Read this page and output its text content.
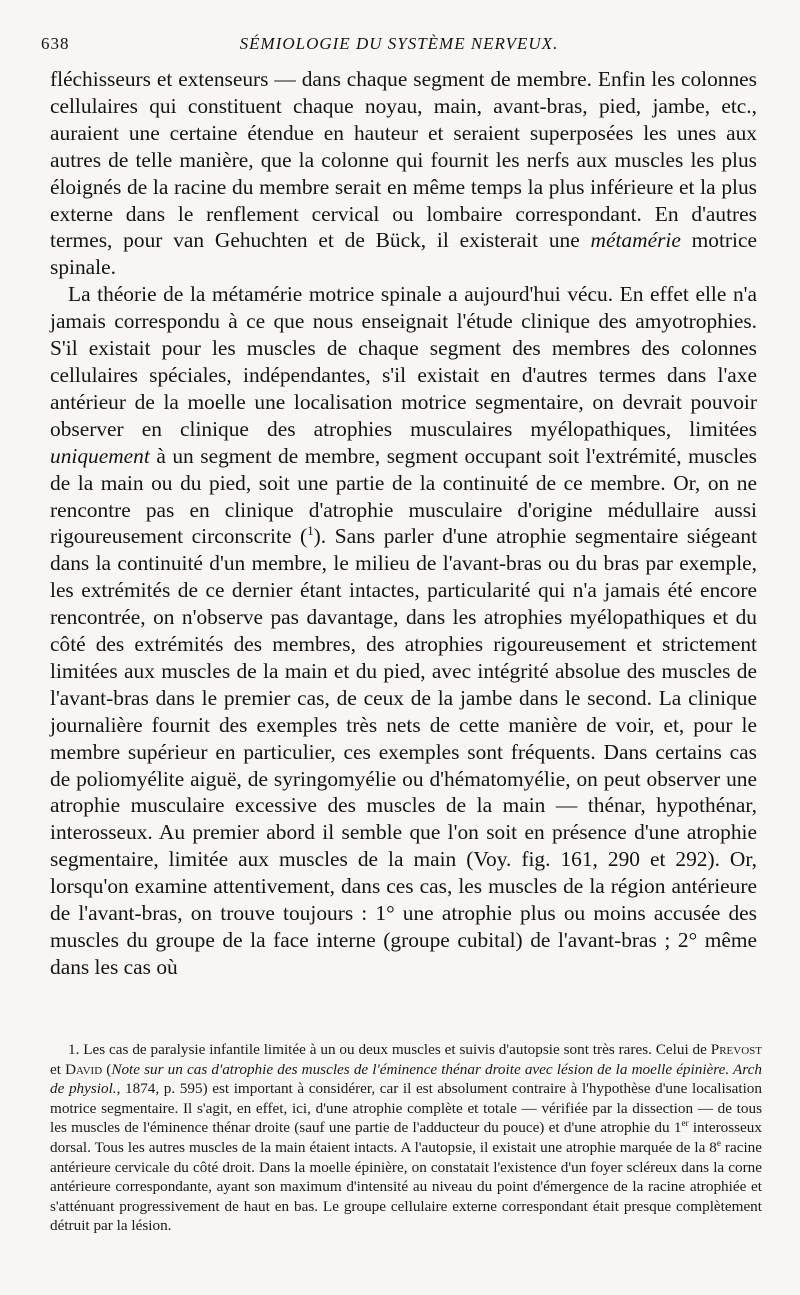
638	SÉMIOLOGIE DU SYSTÈME NERVEUX.

fléchisseurs et extenseurs — dans chaque segment de membre. Enfin les colonnes cellulaires qui constituent chaque noyau, main, avant-bras, pied, jambe, etc., auraient une certaine étendue en hauteur et seraient superposées les unes aux autres de telle manière, que la colonne qui fournit les nerfs aux muscles les plus éloignés de la racine du membre serait en même temps la plus inférieure et la plus externe dans le renflement cervical ou lombaire correspondant. En d'autres termes, pour van Gehuchten et de Bück, il existerait une métamérie motrice spinale.

La théorie de la métamérie motrice spinale a aujourd'hui vécu. En effet elle n'a jamais correspondu à ce que nous enseignait l'étude clinique des amyotrophies. S'il existait pour les muscles de chaque segment des membres des colonnes cellulaires spéciales, indépendantes, s'il existait en d'autres termes dans l'axe antérieur de la moelle une localisation motrice segmentaire, on devrait pouvoir observer en clinique des atrophies musculaires myélopathiques, limitées uniquement à un segment de membre, segment occupant soit l'extrémité, muscles de la main ou du pied, soit une partie de la continuité de ce membre. Or, on ne rencontre pas en clinique d'atrophie musculaire d'origine médullaire aussi rigoureusement circonscrite ($^1$). Sans parler d'une atrophie segmentaire siégeant dans la continuité d'un membre, le milieu de l'avant-bras ou du bras par exemple, les extrémités de ce dernier étant intactes, particularité qui n'a jamais été encore rencontrée, on n'observe pas davantage, dans les atrophies myélopathiques et du côté des extrémités des membres, des atrophies rigoureusement et strictement limitées aux muscles de la main et du pied, avec intégrité absolue des muscles de l'avant-bras dans le premier cas, de ceux de la jambe dans le second. La clinique journalière fournit des exemples très nets de cette manière de voir, et, pour le membre supérieur en particulier, ces exemples sont fréquents. Dans certains cas de poliomyélite aiguë, de syringomyélie ou d'hématomyélie, on peut observer une atrophie musculaire excessive des muscles de la main — thénar, hypothénar, interosseux. Au premier abord il semble que l'on soit en présence d'une atrophie segmentaire, limitée aux muscles de la main (Voy. fig. 161, 290 et 292). Or, lorsqu'on examine attentivement, dans ces cas, les muscles de la région antérieure de l'avant-bras, on trouve toujours : 1° une atrophie plus ou moins accusée des muscles du groupe de la face interne (groupe cubital) de l'avant-bras ; 2° même dans les cas où

1. Les cas de paralysie infantile limitée à un ou deux muscles et suivis d'autopsie sont très rares. Celui de Prevost et David (Note sur un cas d'atrophie des muscles de l'éminence thénar droite avec lésion de la moelle épinière. Arch de physiol., 1874, p. 595) est important à considérer, car il est absolument contraire à l'hypothèse d'une localisation motrice segmentaire. Il s'agit, en effet, ici, d'une atrophie complète et totale — vérifiée par la dissection — de tous les muscles de l'éminence thénar droite (sauf une partie de l'adducteur du pouce) et d'une atrophie du 1er interosseux dorsal. Tous les autres muscles de la main étaient intacts. A l'autopsie, il existait une atrophie marquée de la 8e racine antérieure cervicale du côté droit. Dans la moelle épinière, on constatait l'existence d'un foyer scléreux dans la corne antérieure correspondante, ayant son maximum d'intensité au niveau du point d'émergence de la racine atrophiée et s'atténuant progressivement de haut en bas. Le groupe cellulaire externe correspondant était presque complètement détruit par la lésion.
